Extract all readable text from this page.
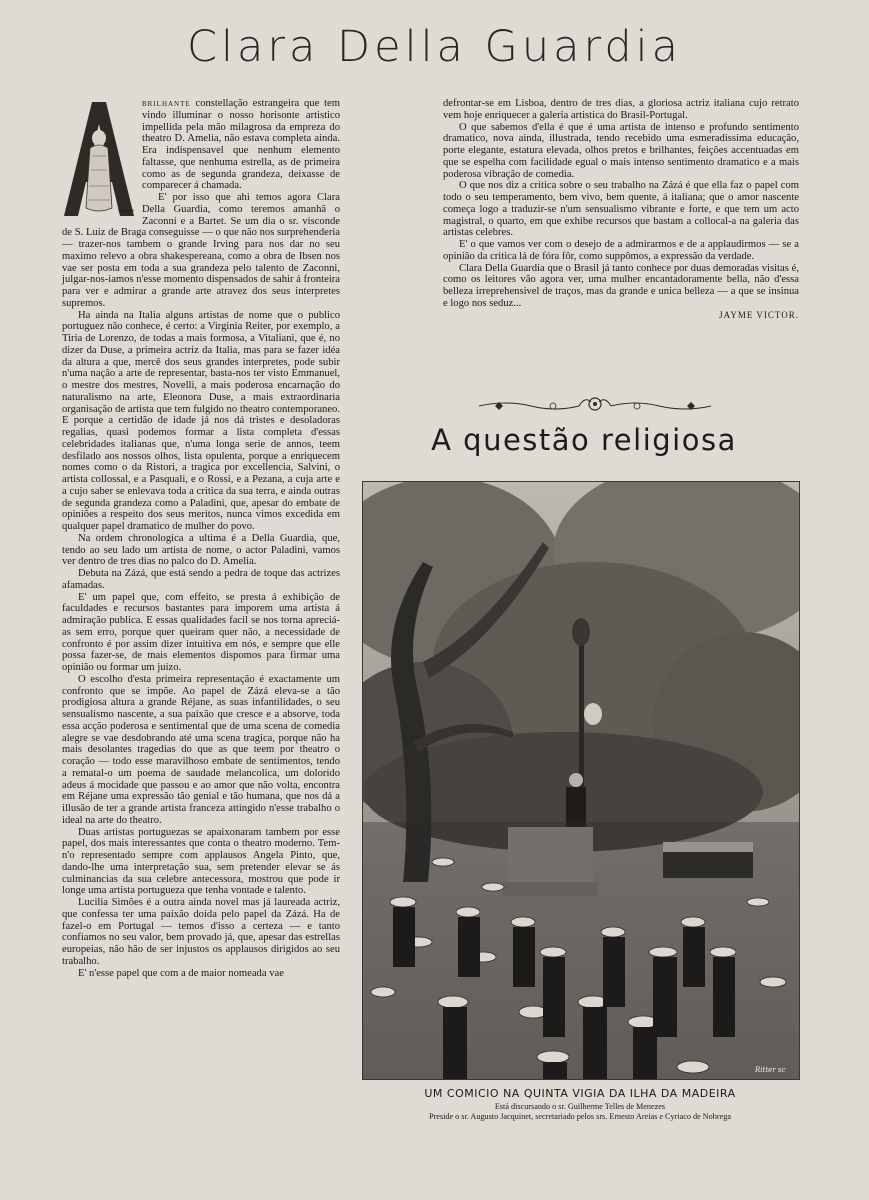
Clara Della Guardia
Vasquez

brilhante constellação estrangeira que tem vindo illuminar o nosso horisonte artistico impellida pela mão milagrosa da empreza do theatro D. Amelia, não estava completa ainda. Era indispensavel que nenhum elemento faltasse, que nenhuma estrella, as de primeira como as de segunda grandeza, deixasse de comparecer á chamada.

E' por isso que ahi temos agora Clara Della Guardia, como teremos amanhã o Zaconni e a Bartet. Se um dia o sr. visconde de S. Luiz de Braga conseguisse — o que não nos surprehenderia — trazer-nos tambem o grande Irving para nos dar no seu maximo relevo a obra shakespereana, como a obra de Ibsen nos vae ser posta em toda a sua grandeza pelo talento de Zaconni, julgar-nos-iamos n'esse momento dispensados de sahir á fronteira para ver e admirar a grande arte atravez dos seus interpretes supremos.

Ha ainda na Italia alguns artistas de nome que o publico portuguez não conhece, é certo: a Virginia Reiter, por exemplo, a Tiria de Lorenzo, de todas a mais formosa, a Vitaliani, que é, no dizer da Duse, a primeira actriz da Italia, mas para se fazer idéa da altura a que, mercê dos seus grandes interpretes, pode subir n'uma nação a arte de representar, basta-nos ter visto Emmanuel, o mestre dos mestres, Novelli, a mais poderosa encarnação do naturalismo na arte, Eleonora Duse, a mais extraordinaria organisação de artista que tem fulgido no theatro contemporaneo. E porque a certidão de idade já nos dá tristes e desoladoras regalias, quasi podemos formar a lista completa d'essas celebridades italianas que, n'uma longa serie de annos, teem desfilado aos nossos olhos, lista opulenta, porque a enriquecem nomes como o da Ristori, a tragica por excellencia, Salvini, o artista collossal, e a Pasquali, e o Rossi, e a Pezana, a cuja arte e a cujo saber se enlevava toda a critica da sua terra, e ainda outras de segunda grandeza como a Paladini, que, apesar do embate de opiniões a respeito dos seus meritos, nunca vimos excedida em qualquer papel dramatico de mulher do povo.

Na ordem chronologica a ultima é a Della Guardia, que, tendo ao seu lado um artista de nome, o actor Paladini, vamos ver dentro de tres dias no palco do D. Amelia.

Debuta na Zázá, que está sendo a pedra de toque das actrizes afamadas.

E' um papel que, com effeito, se presta á exhibição de faculdades e recursos bastantes para imporem uma artista á admiração publica. E essas qualidades facil se nos torna apreciá-as sem erro, porque quer queiram quer não, a necessidade de confronto é por assim dizer intuitiva em nós, e sempre que elle possa fazer-se, de mais elementos dispomos para firmar uma opinião ou formar um juizo.

O escolho d'esta primeira representação é exactamente um confronto que se impõe. Ao papel de Zázá eleva-se a tão prodigiosa altura a grande Réjane, as suas infantilidades, o seu sensualismo nascente, a sua paixão que cresce e a absorve, toda essa acção poderosa e sentimental que de uma scena de comedia alegre se vae desdobrando até uma scena tragica, porque não ha mais desolantes tragedias do que as que teem por theatro o coração — todo esse maravilhoso embate de sentimentos, tendo a rematal-o um poema de saudade melancolica, um dolorido adeus á mocidade que passou e ao amor que não volta, encontra em Réjane uma expressão tão genial e tão humana, que nos dá a illusão de ter a grande artista franceza attingido n'esse trabalho o ideal na arte do theatro.

Duas artistas portuguezas se apaixonaram tambem por esse papel, dos mais interessantes que conta o theatro moderno. Tem-n'o representado sempre com applausos Angela Pinto, que, dando-lhe uma interpretação sua, sem pretender elevar se ás culminancias da sua celebre antecessora, mostrou que pode ir longe uma artista portugueza que tenha vontade e talento.

Lucilia Simões é a outra ainda novel mas já laureada actriz, que confessa ter uma paixão doida pelo papel da Zázá. Ha de fazel-o em Portugal — temos d'isso a certeza — e tanto confiamos no seu valor, bem provado já, que, apesar das estrellas europeias, não hão de ser injustos os applausos dirigidos ao seu trabalho.

E' n'esse papel que com a de maior nomeada vae

defrontar-se em Lisboa, dentro de tres dias, a gloriosa actriz italiana cujo retrato vem hoje enriquecer a galeria artistica do Brasil-Portugal.

O que sabemos d'ella é que é uma artista de intenso e profundo sentimento dramatico, nova ainda, illustrada, tendo recebido uma esmeradissima educação, porte elegante, estatura elevada, olhos pretos e brilhantes, feições accentuadas em que se espelha com facilidade egual o mais intenso sentimento dramatico e a mais poderosa vibração de comedia.

O que nos diz a critica sobre o seu trabalho na Zázá é que ella faz o papel com todo o seu temperamento, bem vivo, bem quente, á italiana; que o amor nascente começa logo a traduzir-se n'um sensualismo vibrante e forte, e que tem um acto magistral, o quarto, em que exhibe recursos que bastam a collocal-a na galeria das artistas celebres.

E' o que vamos ver com o desejo de a admirarmos e de a applaudirmos — se a opinião da critica lá de fóra fôr, como suppômos, a expressão da verdade.

Clara Della Guardia que o Brasil já tanto conhece por duas demoradas visitas é, como os leitores vão agora ver, uma mulher encantadoramente bella, não d'essa belleza irreprehensivel de traços, mas da grande e unica belleza — a que se insinua e logo nos seduz...

JAYME VICTOR.

A questão religiosa
Ritter sc
UM COMICIO NA QUINTA VIGIA DA ILHA DA MADEIRA
Está discursando o sr. Guilherme Telles de Menezes
Preside o sr. Augusto Jacquinet, secretariado pelos srs. Ernesto Areias e Cyriaco de Nobrega
